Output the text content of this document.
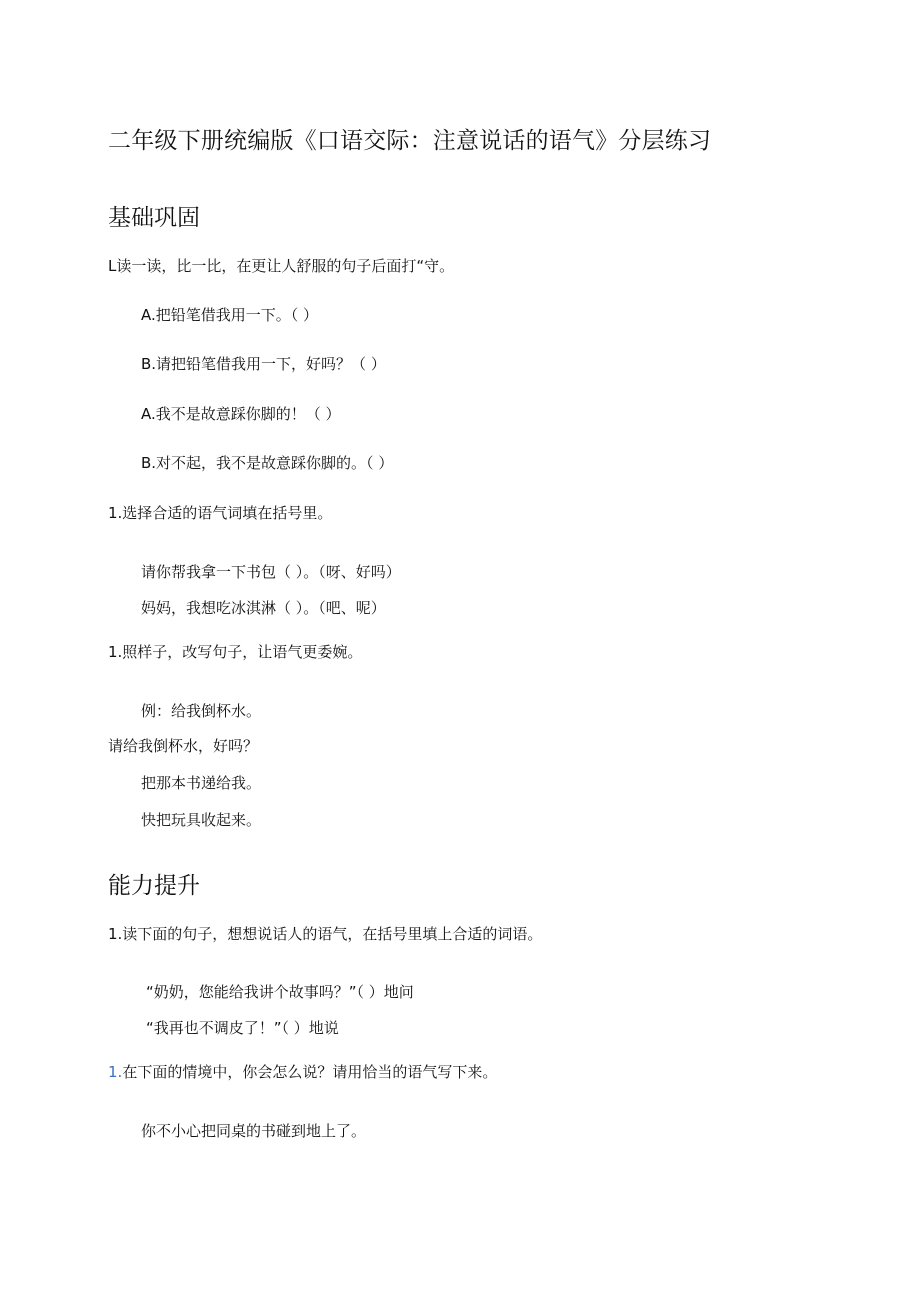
二年级下册统编版《口语交际：注意说话的语气》分层练习
基础巩固
L读一读，比一比，在更让人舒服的句子后面打“守。
A.把铅笔借我用一下。（ ）
B.请把铅笔借我用一下，好吗？（ ）
A.我不是故意踩你脚的！（ ）
B.对不起，我不是故意踩你脚的。（ ）
1.选择合适的语气词填在括号里。
请你帮我拿一下书包（ ）。（呀、好吗）
妈妈，我想吃冰淇淋（ ）。（吧、呢）
1.照样子，改写句子，让语气更委婉。
例：给我倒杯水。
请给我倒杯水，好吗？
把那本书递给我。
快把玩具收起来。
能力提升
1.读下面的句子，想想说话人的语气，在括号里填上合适的词语。
“奶奶，您能给我讲个故事吗？”（ ）地问
“我再也不调皮了！”（ ）地说
1.在下面的情境中，你会怎么说？请用恰当的语气写下来。
你不小心把同桌的书碰到地上了。
